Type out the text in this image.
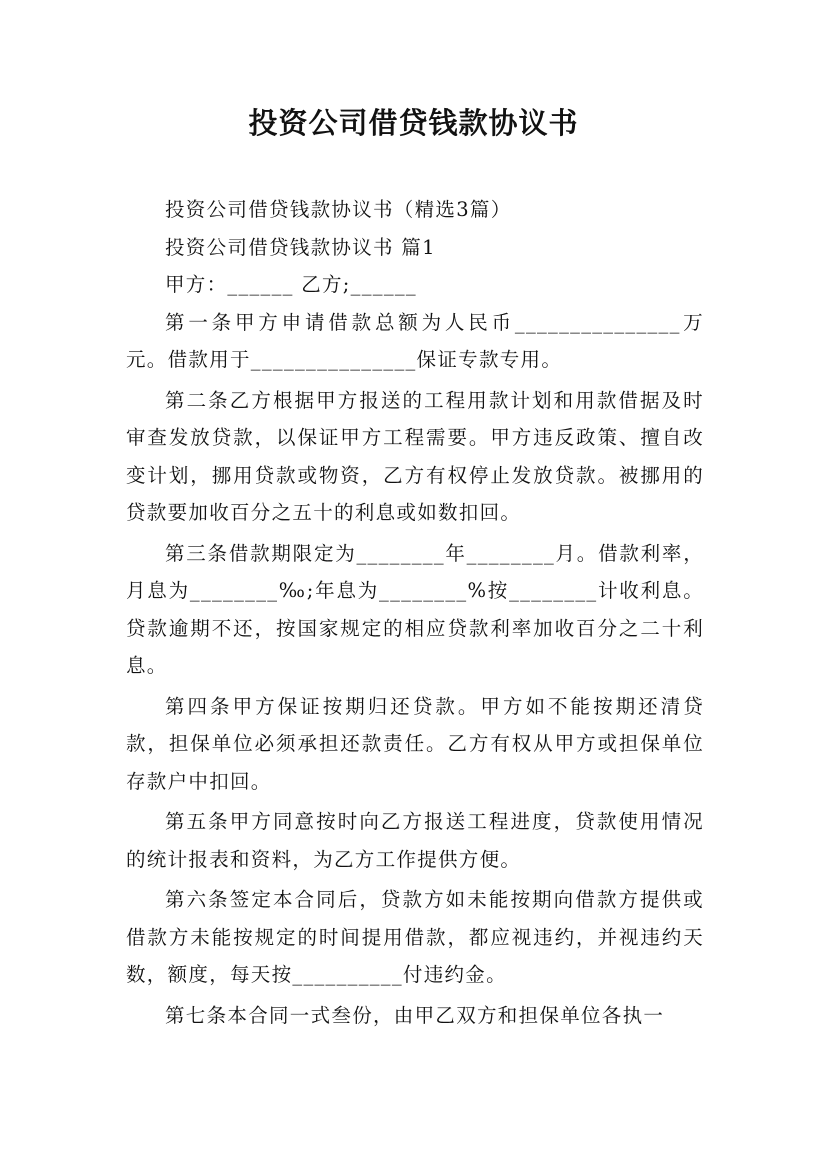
投资公司借贷钱款协议书

投资公司借贷钱款协议书（精选3篇）

投资公司借贷钱款协议书 篇1

甲方：______ 乙方;______

第一条甲方申请借款总额为人民币_______________万元。借款用于_______________保证专款专用。

第二条乙方根据甲方报送的工程用款计划和用款借据及时审查发放贷款，以保证甲方工程需要。甲方违反政策、擅自改变计划，挪用贷款或物资，乙方有权停止发放贷款。被挪用的贷款要加收百分之五十的利息或如数扣回。

第三条借款期限定为________年________月。借款利率，月息为________‰;年息为________%按________计收利息。贷款逾期不还，按国家规定的相应贷款利率加收百分之二十利息。

第四条甲方保证按期归还贷款。甲方如不能按期还清贷款，担保单位必须承担还款责任。乙方有权从甲方或担保单位存款户中扣回。

第五条甲方同意按时向乙方报送工程进度，贷款使用情况的统计报表和资料，为乙方工作提供方便。

第六条签定本合同后，贷款方如未能按期向借款方提供或借款方未能按规定的时间提用借款，都应视违约，并视违约天数，额度，每天按__________付违约金。

第七条本合同一式叁份，由甲乙双方和担保单位各执一
